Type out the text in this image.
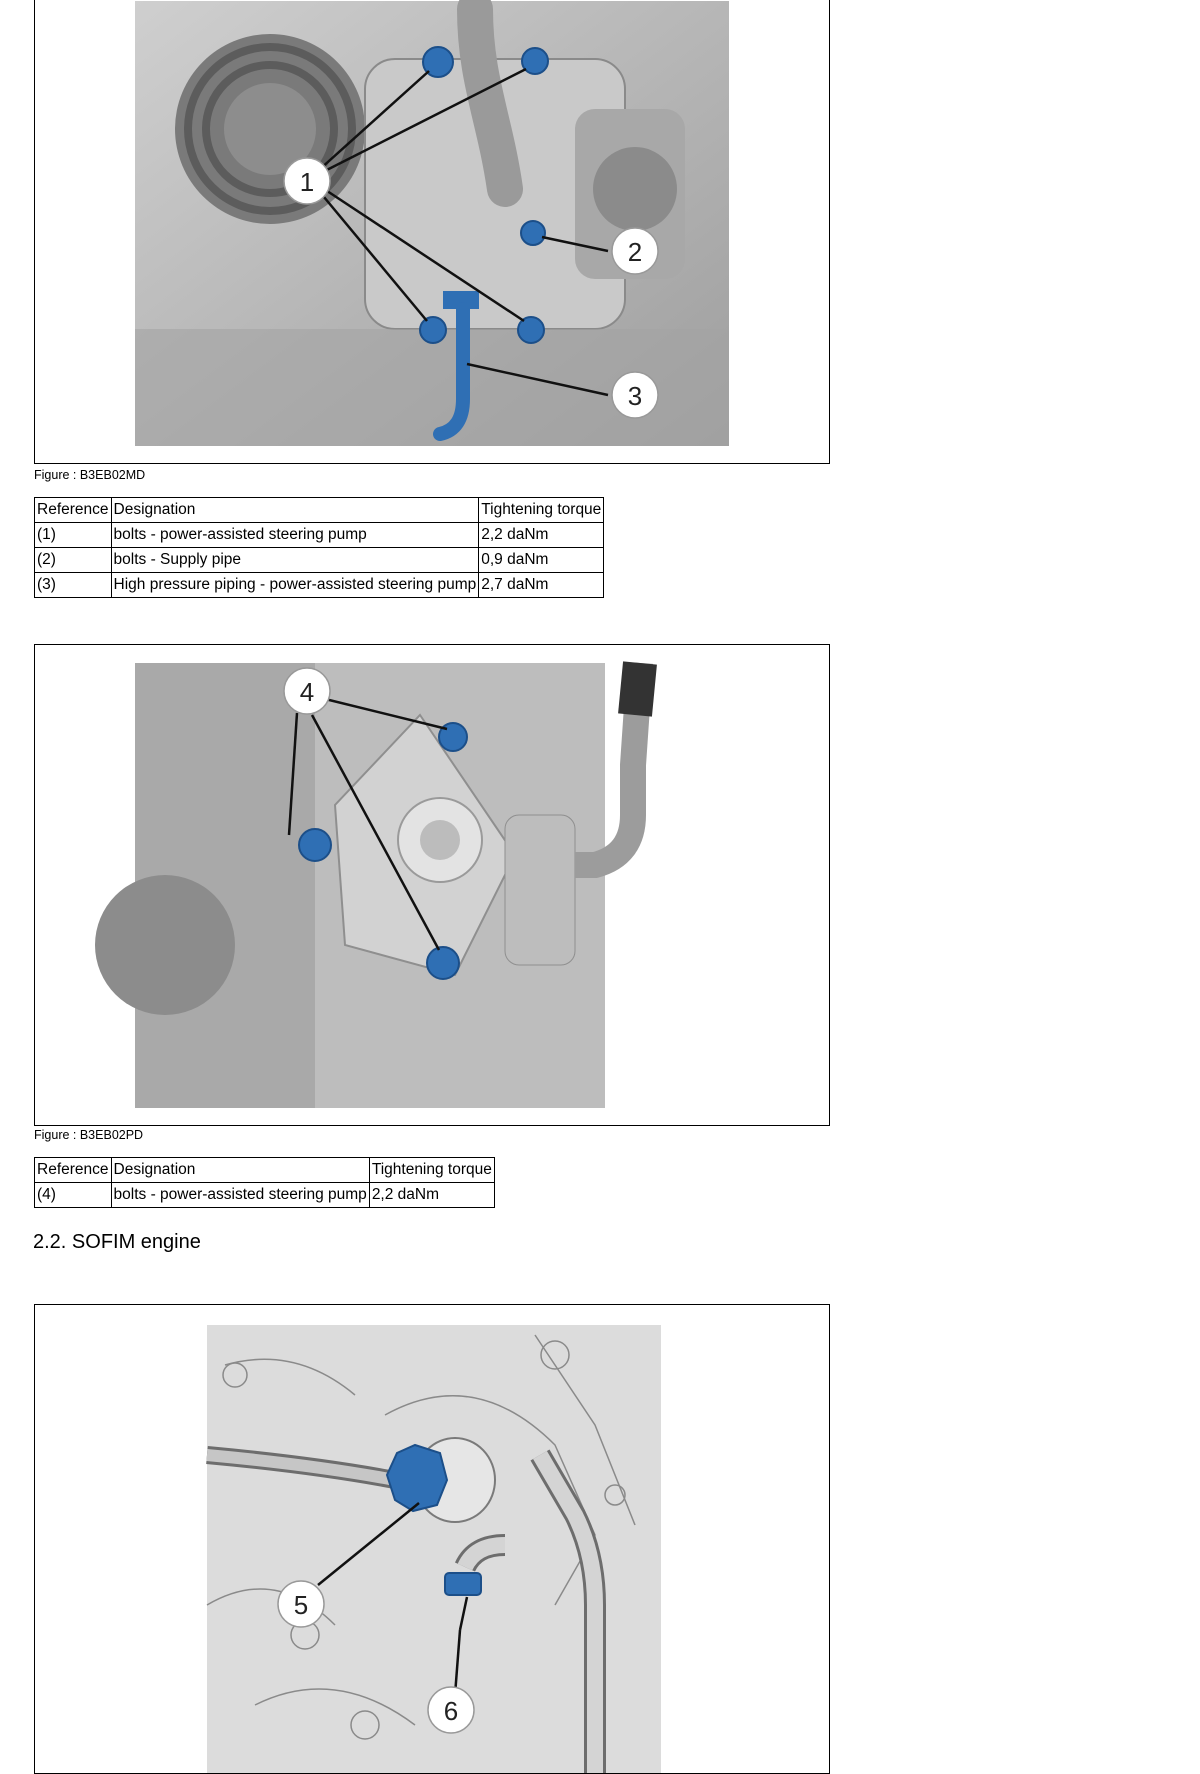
1
2
3
Figure : B3EB02MD
Reference	Designation	Tightening torque
(1)	bolts - power-assisted steering pump	2,2 daNm
(2)	bolts - Supply pipe	0,9 daNm
(3)	High pressure piping - power-assisted steering pump	2,7 daNm
4
Figure : B3EB02PD
Reference	Designation	Tightening torque
(4)	bolts - power-assisted steering pump	2,2 daNm
2.2. SOFIM engine
5
6
